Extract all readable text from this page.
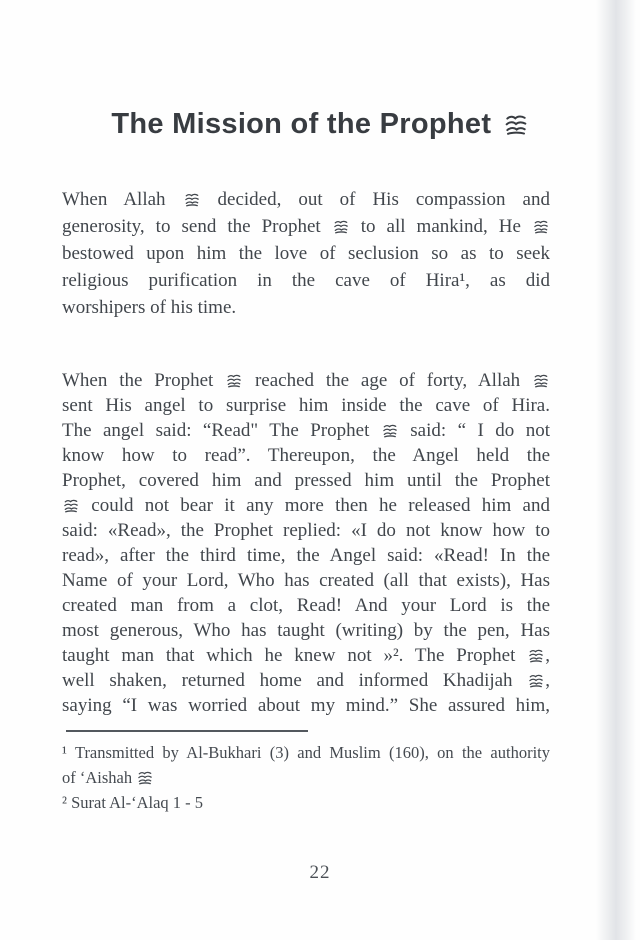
The Mission of the Prophet
When Allah
decided, out of His compassion and
generosity, to send the Prophet
to all mankind, He
bestowed upon him the love of seclusion so as to seek
religious purification in the cave of Hira¹, as did
worshipers of his time.
When the Prophet
reached the age of forty, Allah
sent His angel to surprise him inside the cave of Hira.
The angel said: “Read" The Prophet
said: “ I do not
know how to read”. Thereupon, the Angel held the
Prophet, covered him and pressed him until the Prophet
could not bear it any more then he released him and
said: «Read», the Prophet replied: «I do not know how to
read», after the third time, the Angel said: «Read! In the
Name of your Lord, Who has created (all that exists), Has
created man from a clot, Read! And your Lord is the
most generous, Who has taught (writing) by the pen, Has
taught man that which he knew not »². The Prophet
,
well shaken, returned home and informed Khadijah
,
saying “I was worried about my mind.” She assured him,
¹ Transmitted by Al-Bukhari (3) and Muslim (160), on the authority
of ‘Aishah
² Surat Al-‘Alaq 1 - 5
22
